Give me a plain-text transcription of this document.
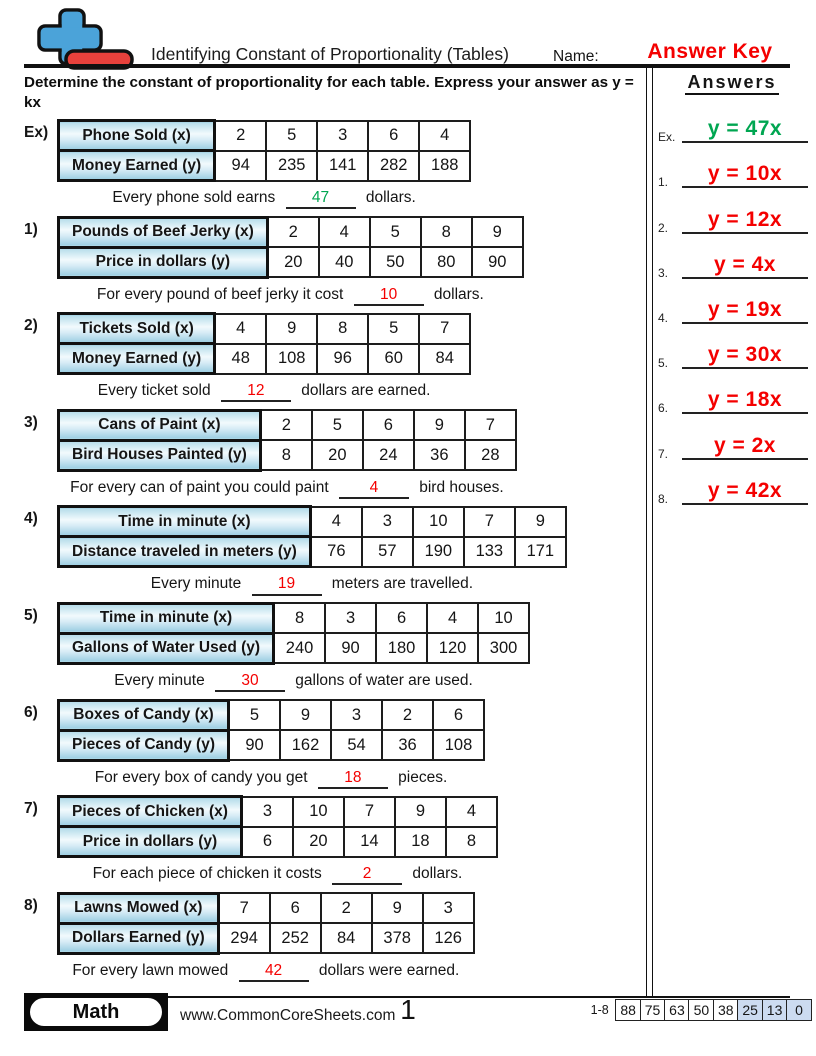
Identifying Constant of Proportionality (Tables)	Name:	Answer Key
Determine the constant of proportionality for each table. Express your answer as y = kx
Ex)	Phone Sold (x)	2	5	3	6	4
Money Earned (y)	94	235	141	282	188
Every phone sold earns 47 dollars.
1)	Pounds of Beef Jerky (x)	2	4	5	8	9
Price in dollars (y)	20	40	50	80	90
For every pound of beef jerky it cost 10 dollars.
2)	Tickets Sold (x)	4	9	8	5	7
Money Earned (y)	48	108	96	60	84
Every ticket sold 12 dollars are earned.
3)	Cans of Paint (x)	2	5	6	9	7
Bird Houses Painted (y)	8	20	24	36	28
For every can of paint you could paint 4 bird houses.
4)	Time in minute (x)	4	3	10	7	9
Distance traveled in meters (y)	76	57	190	133	171
Every minute 19 meters are travelled.
5)	Time in minute (x)	8	3	6	4	10
Gallons of Water Used (y)	240	90	180	120	300
Every minute 30 gallons of water are used.
6)	Boxes of Candy (x)	5	9	3	2	6
Pieces of Candy (y)	90	162	54	36	108
For every box of candy you get 18 pieces.
7)	Pieces of Chicken (x)	3	10	7	9	4
Price in dollars (y)	6	20	14	18	8
For each piece of chicken it costs 2 dollars.
8)	Lawns Mowed (x)	7	6	2	9	3
Dollars Earned (y)	294	252	84	378	126
For every lawn mowed 42 dollars were earned.
Answers
Ex.	y = 47x
1.	y = 10x
2.	y = 12x
3.	y = 4x
4.	y = 19x
5.	y = 30x
6.	y = 18x
7.	y = 2x
8.	y = 42x
Math	www.CommonCoreSheets.com 1	1-8 88 75 63 50 38 25 13 0
